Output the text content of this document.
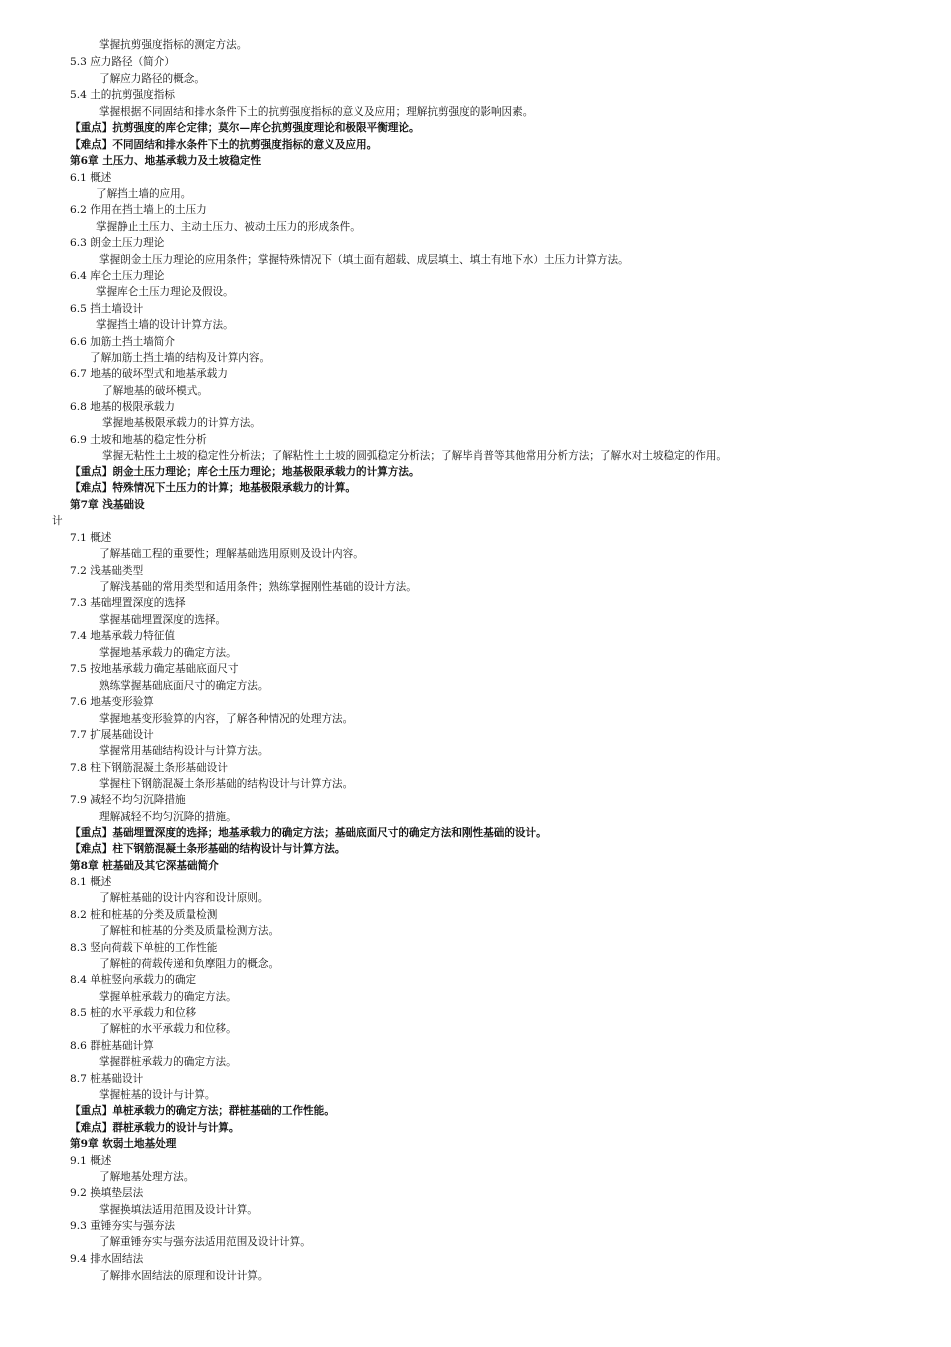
掌握抗剪强度指标的测定方法。
5.3 应力路径（简介）
了解应力路径的概念。
5.4 土的抗剪强度指标
掌握根据不同固结和排水条件下土的抗剪强度指标的意义及应用；理解抗剪强度的影响因素。
【重点】抗剪强度的库仑定律；莫尔—库仑抗剪强度理论和极限平衡理论。
【难点】不同固结和排水条件下土的抗剪强度指标的意义及应用。
第6章 土压力、地基承载力及土坡稳定性
6.1 概述
了解挡土墙的应用。
6.2 作用在挡土墙上的土压力
掌握静止土压力、主动土压力、被动土压力的形成条件。
6.3 朗金土压力理论
掌握朗金土压力理论的应用条件；掌握特殊情况下（填土面有超载、成层填土、填土有地下水）土压力计算方法。
6.4 库仑土压力理论
掌握库仑土压力理论及假设。
6.5 挡土墙设计
掌握挡土墙的设计计算方法。
6.6 加筋土挡土墙简介
了解加筋土挡土墙的结构及计算内容。
6.7 地基的破坏型式和地基承载力
了解地基的破坏模式。
6.8 地基的极限承载力
掌握地基极限承载力的计算方法。
6.9 土坡和地基的稳定性分析
掌握无粘性土土坡的稳定性分析法；了解粘性土土坡的圆弧稳定分析法；了解毕肖普等其他常用分析方法；了解水对土坡稳定的作用。
【重点】朗金土压力理论；库仑土压力理论；地基极限承载力的计算方法。
【难点】特殊情况下土压力的计算；地基极限承载力的计算。
第7章 浅基础设
计
7.1 概述
了解基础工程的重要性；理解基础选用原则及设计内容。
7.2 浅基础类型
了解浅基础的常用类型和适用条件；熟练掌握刚性基础的设计方法。
7.3 基础埋置深度的选择
掌握基础埋置深度的选择。
7.4 地基承载力特征值
掌握地基承载力的确定方法。
7.5 按地基承载力确定基础底面尺寸
熟练掌握基础底面尺寸的确定方法。
7.6 地基变形验算
掌握地基变形验算的内容，了解各种情况的处理方法。
7.7 扩展基础设计
掌握常用基础结构设计与计算方法。
7.8 柱下钢筋混凝土条形基础设计
掌握柱下钢筋混凝土条形基础的结构设计与计算方法。
7.9 减轻不均匀沉降措施
理解减轻不均匀沉降的措施。
【重点】基础埋置深度的选择；地基承载力的确定方法；基础底面尺寸的确定方法和刚性基础的设计。
【难点】柱下钢筋混凝土条形基础的结构设计与计算方法。
第8章 桩基础及其它深基础简介
8.1 概述
了解桩基础的设计内容和设计原则。
8.2 桩和桩基的分类及质量检测
了解桩和桩基的分类及质量检测方法。
8.3 竖向荷载下单桩的工作性能
了解桩的荷载传递和负摩阻力的概念。
8.4 单桩竖向承载力的确定
掌握单桩承载力的确定方法。
8.5 桩的水平承载力和位移
了解桩的水平承载力和位移。
8.6 群桩基础计算
掌握群桩承载力的确定方法。
8.7 桩基础设计
掌握桩基的设计与计算。
【重点】单桩承载力的确定方法；群桩基础的工作性能。
【难点】群桩承载力的设计与计算。
第9章 软弱土地基处理
9.1 概述
了解地基处理方法。
9.2 换填垫层法
掌握换填法适用范围及设计计算。
9.3 重锤夯实与强夯法
了解重锤夯实与强夯法适用范围及设计计算。
9.4 排水固结法
了解排水固结法的原理和设计计算。
